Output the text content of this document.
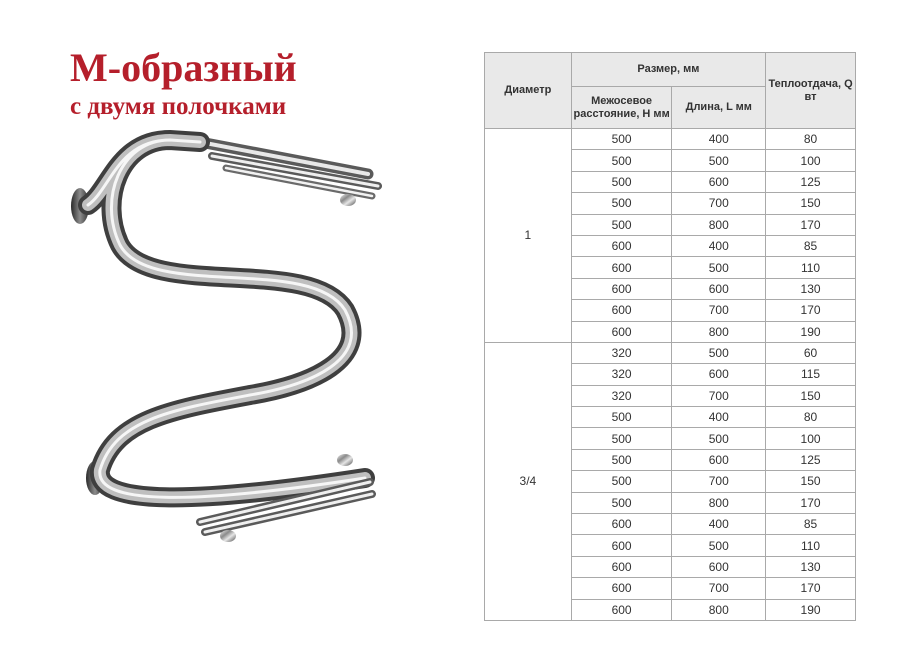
M-образный
с двумя полочками
Диаметр	Размер, мм		Теплоотдача, Q вт
	Межосевое расстояние, H мм	Длина, L мм	
1	500	400	80
	500	500	100
	500	600	125
	500	700	150
	500	800	170
	600	400	85
	600	500	110
	600	600	130
	600	700	170
	600	800	190
3/4	320	500	60
	320	600	115
	320	700	150
	500	400	80
	500	500	100
	500	600	125
	500	700	150
	500	800	170
	600	400	85
	600	500	110
	600	600	130
	600	700	170
	600	800	190
